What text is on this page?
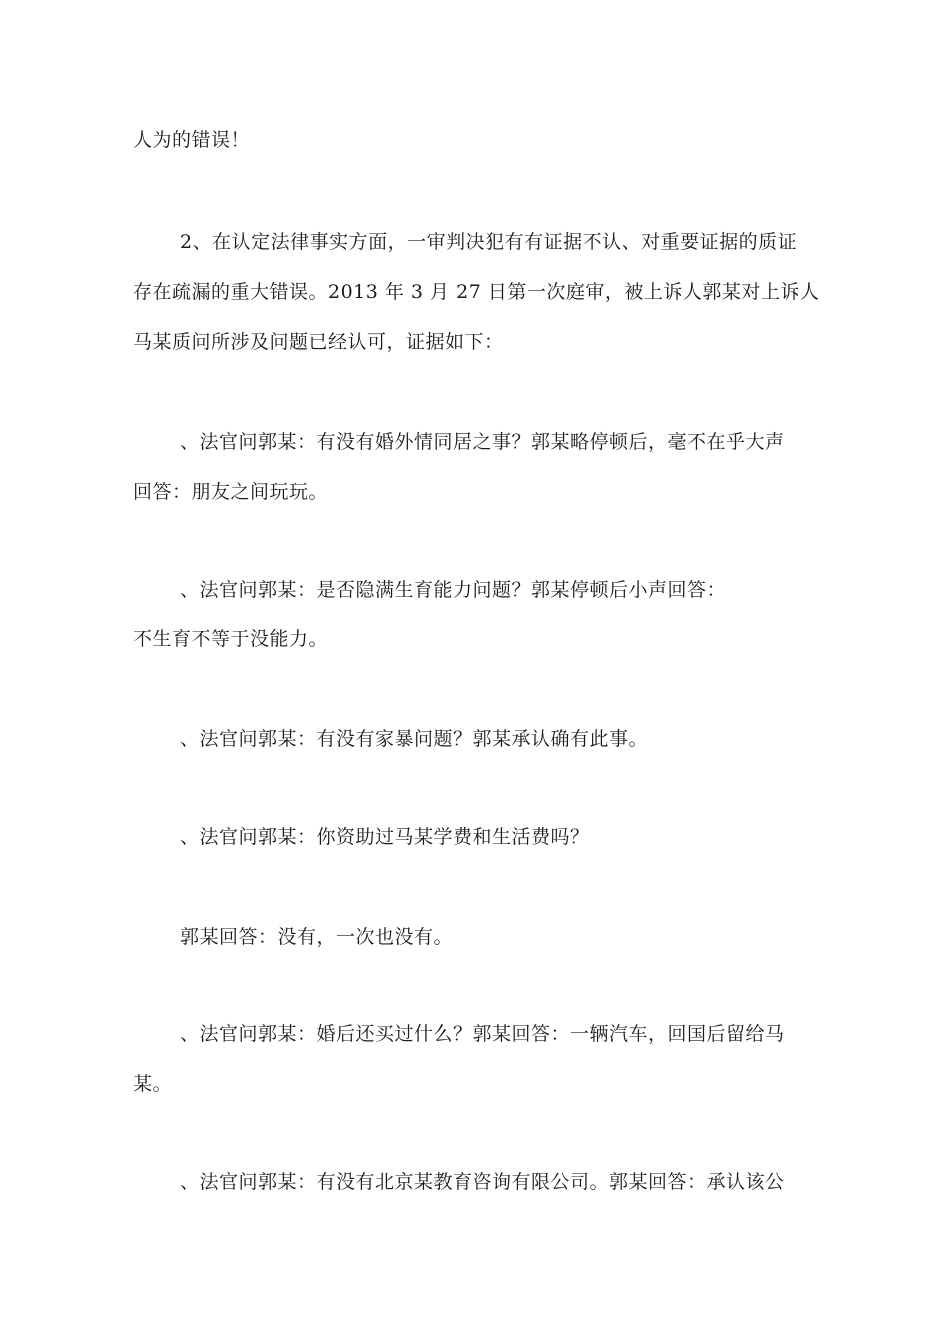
人为的错误！
2、在认定法律事实方面，一审判决犯有有证据不认、对重要证据的质证
存在疏漏的重大错误。2013 年 3 月 27 日第一次庭审，被上诉人郭某对上诉人
马某质问所涉及问题已经认可，证据如下：
、法官问郭某：有没有婚外情同居之事？郭某略停顿后，毫不在乎大声
回答：朋友之间玩玩。
、法官问郭某：是否隐满生育能力问题？郭某停顿后小声回答：
不生育不等于没能力。
、法官问郭某：有没有家暴问题？郭某承认确有此事。
、法官问郭某：你资助过马某学费和生活费吗？
郭某回答：没有，一次也没有。
、法官问郭某：婚后还买过什么？郭某回答：一辆汽车，回国后留给马
某。
、法官问郭某：有没有北京某教育咨询有限公司。郭某回答：承认该公
